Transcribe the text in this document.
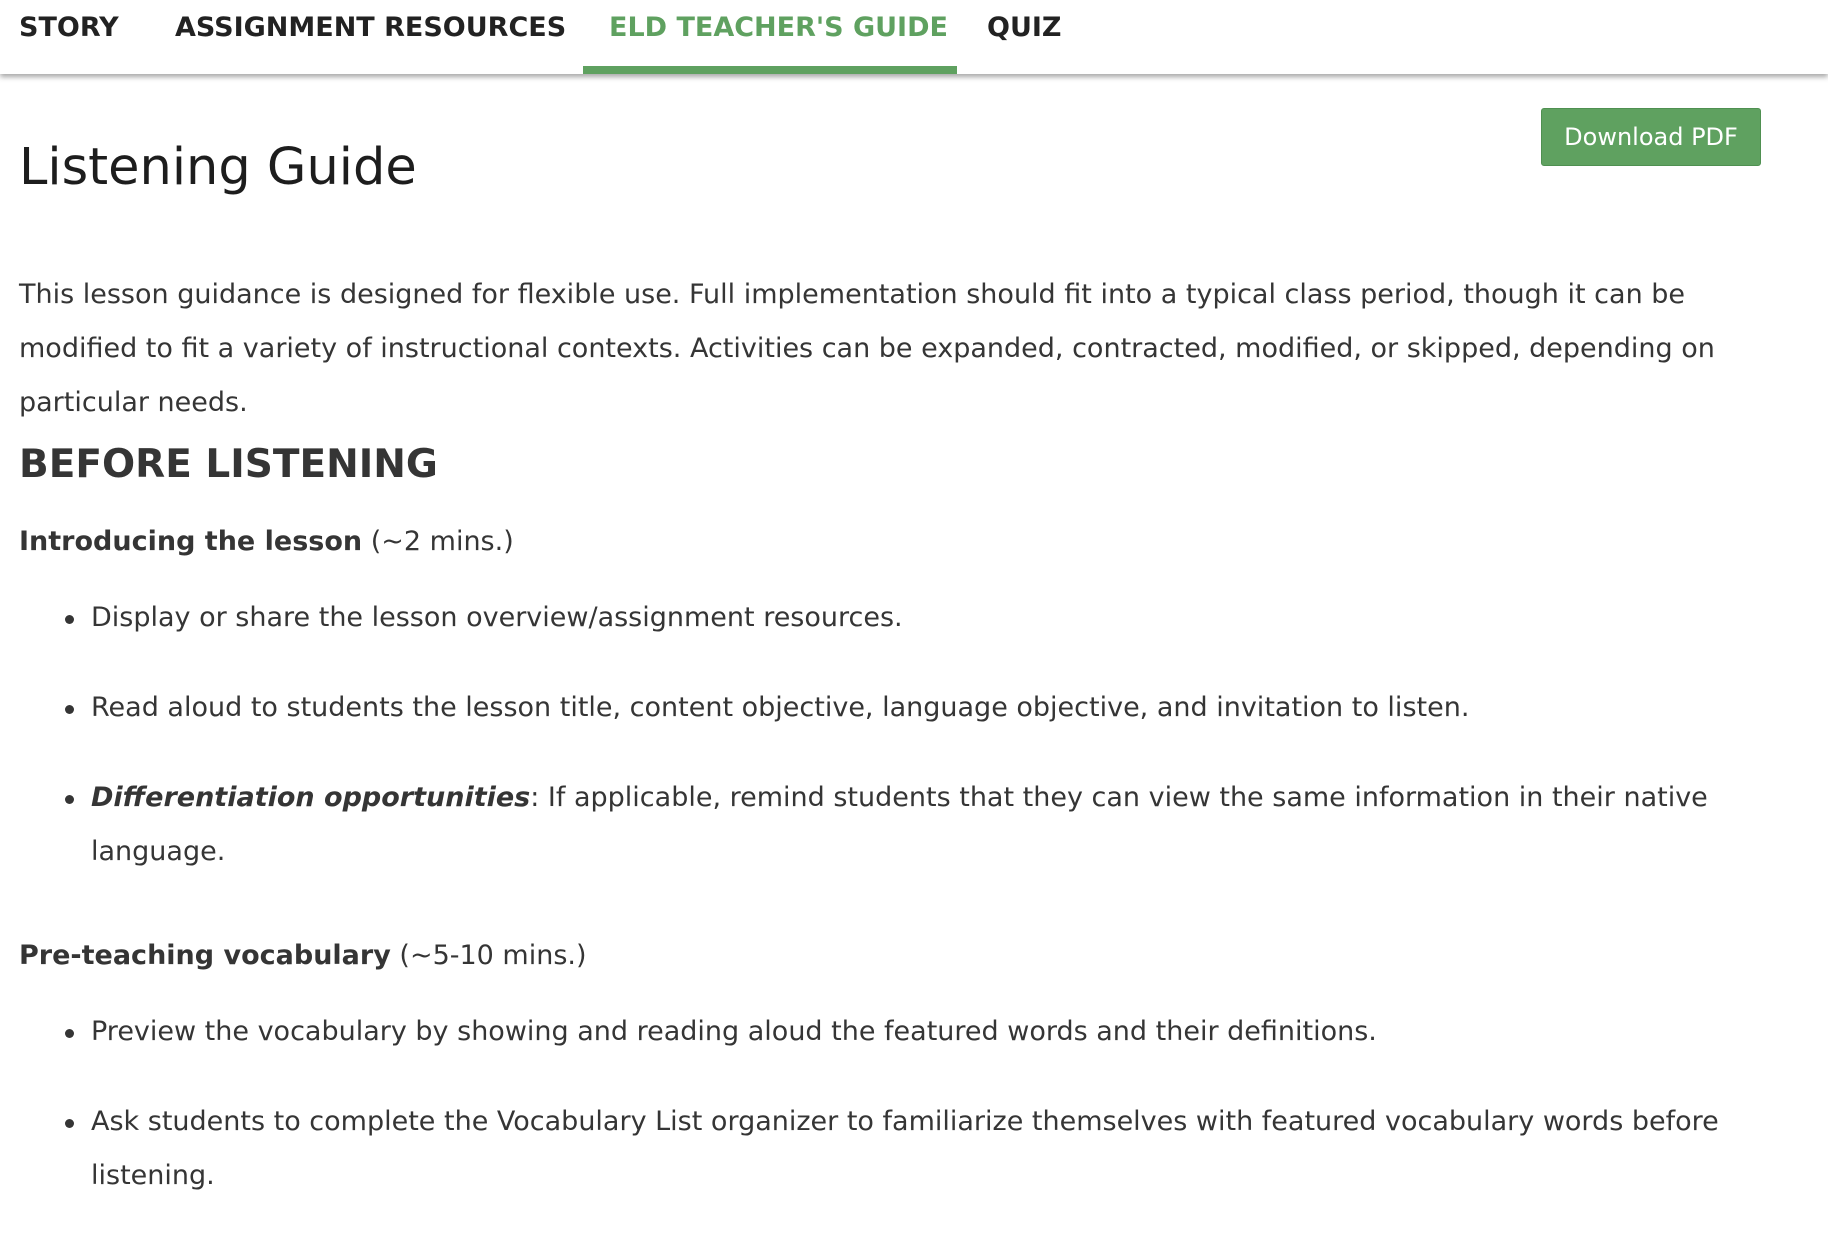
STORY ASSIGNMENT RESOURCES ELD TEACHER'S GUIDE QUIZ
Download PDF
Listening Guide

This lesson guidance is designed for flexible use. Full implementation should fit into a typical class period, though it can be modified to fit a variety of instructional contexts. Activities can be expanded, contracted, modified, or skipped, depending on particular needs.

BEFORE LISTENING
Introducing the lesson (~2 mins.)
Display or share the lesson overview/assignment resources.
Read aloud to students the lesson title, content objective, language objective, and invitation to listen.
Differentiation opportunities: If applicable, remind students that they can view the same information in their native language.
Pre-teaching vocabulary (~5-10 mins.)
Preview the vocabulary by showing and reading aloud the featured words and their definitions.
Ask students to complete the Vocabulary List organizer to familiarize themselves with featured vocabulary words before listening.
